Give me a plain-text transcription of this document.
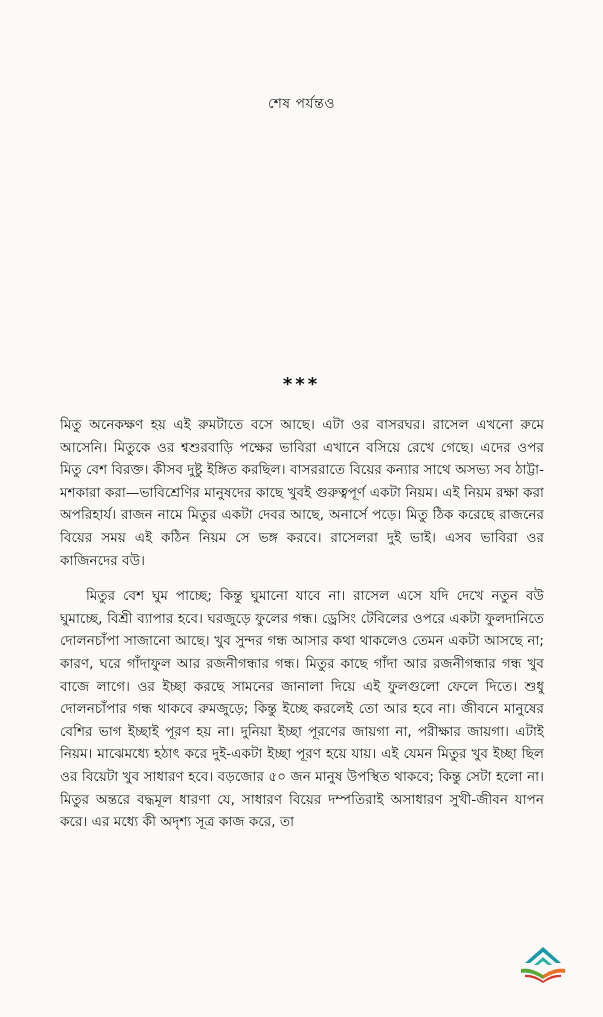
শেষ পর্যন্তও
***

মিতু অনেকক্ষণ হয় এই রুমটাতে বসে আছে। এটা ওর বাসরঘর। রাসেল এখনো রুমে আসেনি। মিতুকে ওর শ্বশুরবাড়ি পক্ষের ভাবিরা এখানে বসিয়ে রেখে গেছে। এদের ওপর মিতু বেশ বিরক্ত। কীসব দুষ্টু ইঙ্গিত করছিল। বাসররাতে বিয়ের কন্যার সাথে অসভ্য সব ঠাট্টা-মশকারা করা—ভাবিশ্রেণির মানুষদের কাছে খুবই গুরুত্বপূর্ণ একটা নিয়ম। এই নিয়ম রক্ষা করা অপরিহার্য। রাজন নামে মিতুর একটা দেবর আছে, অনার্সে পড়ে। মিতু ঠিক করেছে রাজনের বিয়ের সময় এই কঠিন নিয়ম সে ভঙ্গ করবে। রাসেলরা দুই ভাই। এসব ভাবিরা ওর কাজিনদের বউ।

মিতুর বেশ ঘুম পাচ্ছে; কিন্তু ঘুমানো যাবে না। রাসেল এসে যদি দেখে নতুন বউ ঘুমাচ্ছে, বিশ্রী ব্যাপার হবে। ঘরজুড়ে ফুলের গন্ধ। ড্রেসিং টেবিলের ওপরে একটা ফুলদানিতে দোলনচাঁপা সাজানো আছে। খুব সুন্দর গন্ধ আসার কথা থাকলেও তেমন একটা আসছে না; কারণ, ঘরে গাঁদাফুল আর রজনীগন্ধার গন্ধ। মিতুর কাছে গাঁদা আর রজনীগন্ধার গন্ধ খুব বাজে লাগে। ওর ইচ্ছা করছে সামনের জানালা দিয়ে এই ফুলগুলো ফেলে দিতে। শুধু দোলনচাঁপার গন্ধ থাকবে রুমজুড়ে; কিন্তু ইচ্ছে করলেই তো আর হবে না। জীবনে মানুষের বেশির ভাগ ইচ্ছাই পূরণ হয় না। দুনিয়া ইচ্ছা পূরণের জায়গা না, পরীক্ষার জায়গা। এটাই নিয়ম। মাঝেমধ্যে হঠাৎ করে দুই-একটা ইচ্ছা পূরণ হয়ে যায়। এই যেমন মিতুর খুব ইচ্ছা ছিল ওর বিয়েটা খুব সাধারণ হবে। বড়জোর ৫০ জন মানুষ উপস্থিত থাকবে; কিন্তু সেটা হলো না। মিতুর অন্তরে বদ্ধমূল ধারণা যে, সাধারণ বিয়ের দম্পতিরাই অসাধারণ সুখী-জীবন যাপন করে। এর মধ্যে কী অদৃশ্য সূত্র কাজ করে, তা
